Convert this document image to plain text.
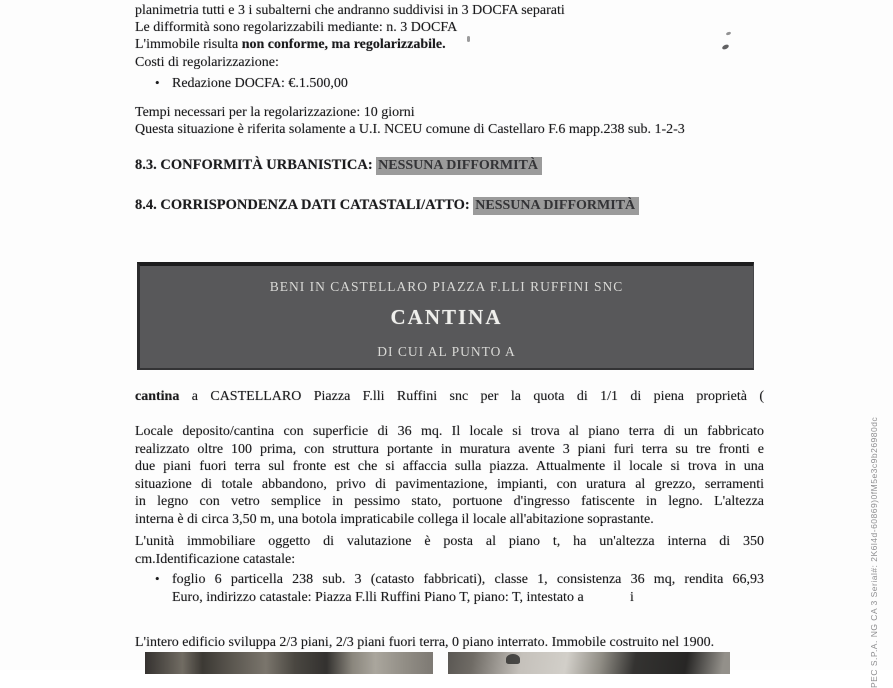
planimetria tutti e 3 i subalterni che andranno suddivisi in 3 DOCFA separati
Le difformità sono regolarizzabili mediante: n. 3 DOCFA
L'immobile risulta non conforme, ma regolarizzabile.
Costi di regolarizzazione:
• Redazione DOCFA: €.1.500,00
Tempi necessari per la regolarizzazione: 10 giorni
Questa situazione è riferita solamente a U.I. NCEU comune di Castellaro F.6 mapp.238 sub. 1-2-3
8.3. CONFORMITÀ URBANISTICA: NESSUNA DIFFORMITÀ
8.4. CORRISPONDENZA DATI CATASTALI/ATTO: NESSUNA DIFFORMITÀ
BENI IN CASTELLARO PIAZZA F.LLI RUFFINI SNC
CANTINA
DI CUI AL PUNTO A
cantina a CASTELLARO Piazza F.lli Ruffini snc per la quota di 1/1 di piena proprietà (
Locale deposito/cantina con superficie di 36 mq. Il locale si trova al piano terra di un fabbricato
realizzato oltre 100 prima, con struttura portante in muratura avente 3 piani furi terra su tre fronti e
due piani fuori terra sul fronte est che si affaccia sulla piazza. Attualmente il locale si trova in una
situazione di totale abbandono, privo di pavimentazione, impianti, con uratura al grezzo, serramenti
in legno con vetro semplice in pessimo stato, portuone d'ingresso fatiscente in legno. L'altezza
interna è di circa 3,50 m, una botola impraticabile collega il locale all'abitazione soprastante.
L'unità immobiliare oggetto di valutazione è posta al piano t, ha un'altezza interna di 350
cm.Identificazione catastale:
• foglio 6 particella 238 sub. 3 (catasto fabbricati), classe 1, consistenza 36 mq, rendita 66,93
Euro, indirizzo catastale: Piazza F.lli Ruffini Piano T, piano: T, intestato a	i
L'intero edificio sviluppa 2/3 piani, 2/3 piani fuori terra, 0 piano interrato. Immobile costruito nel 1900.	PEC S.P.A. NG CA 3 Serial#: 2K6l4d-60869)0fM5e3c9b26980dc
